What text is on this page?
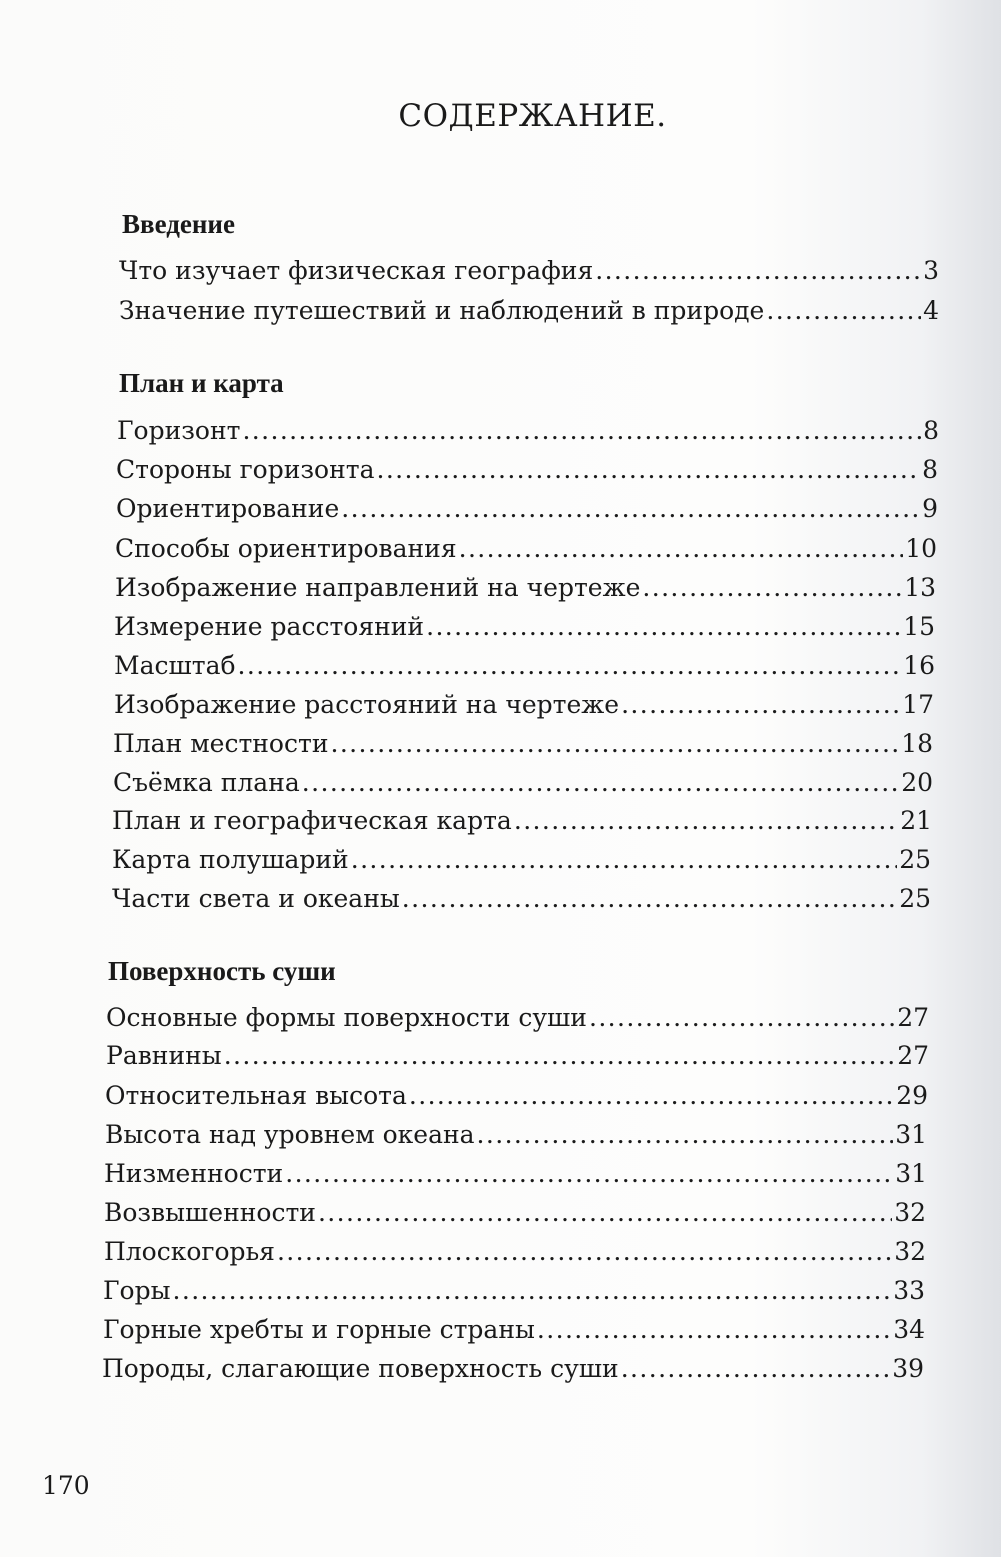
СОДЕРЖАНИЕ.
Введение
Что изучает физическая география .....	3
Значение путешествий и наблюдений в природе .....	4
План и карта
Горизонт .....	8
Стороны горизонта .....	8
Ориентирование .....	9
Способы ориентирования .....	10
Изображение направлений на чертеже .....	13
Измерение расстояний .....	15
Масштаб .....	16
Изображение расстояний на чертеже .....	17
План местности .....	18
Съёмка плана .....	20
План и географическая карта .....	21
Карта полушарий .....	25
Части света и океаны .....	25
Поверхность суши
Основные формы поверхности суши .....	27
Равнины .....	27
Относительная высота .....	29
Высота над уровнем океана .....	31
Низменности .....	31
Возвышенности .....	32
Плоскогорья .....	32
Горы .....	33
Горные хребты и горные страны .....	34
Породы, слагающие поверхность суши .....	39
170
